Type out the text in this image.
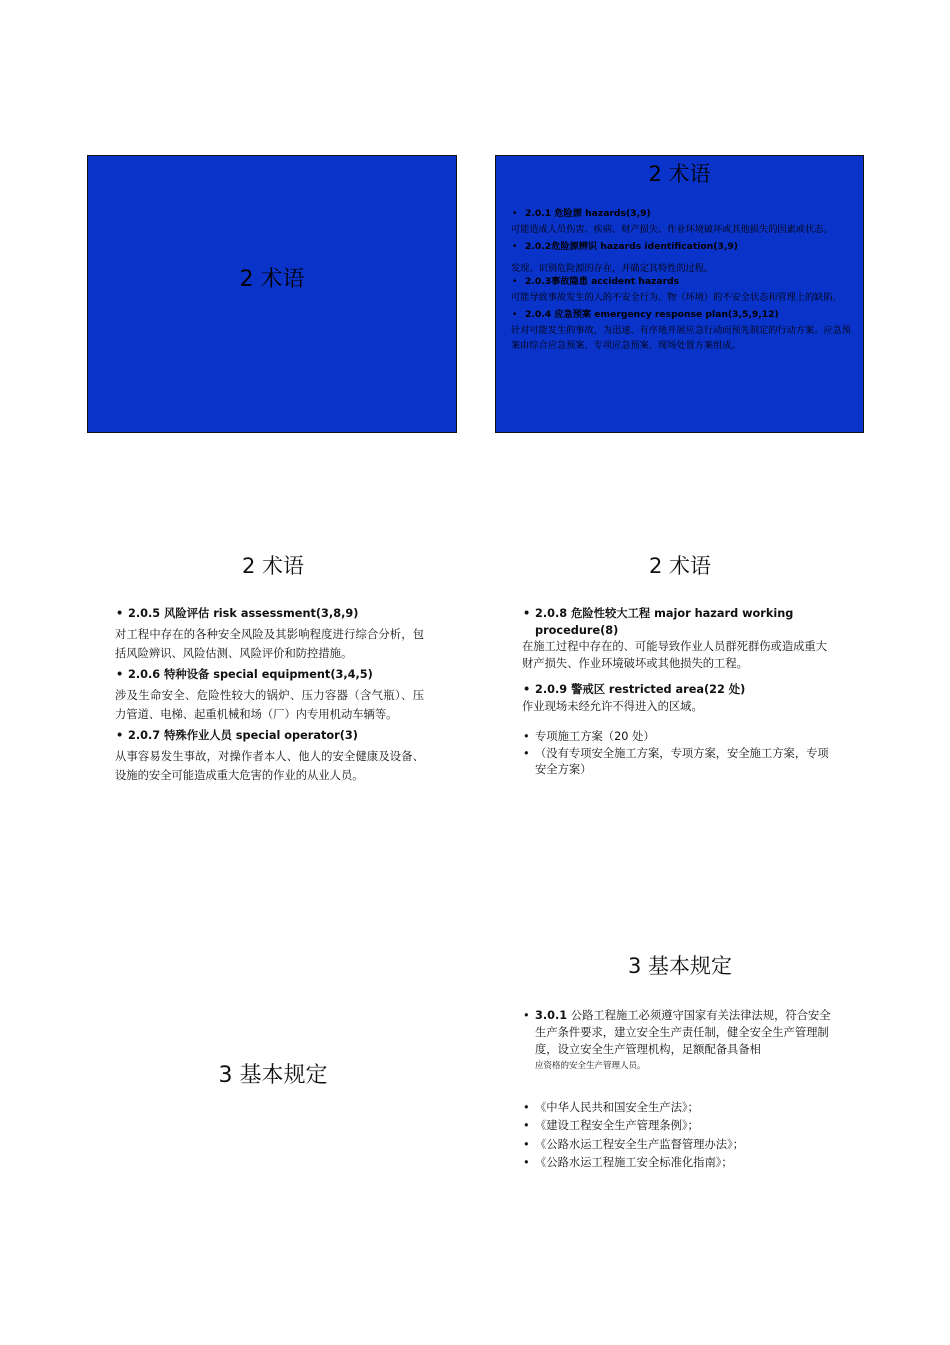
2 术语
2 术语
• 2.0.1 危险源 hazards(3,9)
可能造成人员伤害、疾病、财产损失、作业环境破坏或其他损失的因素或状态。
• 2.0.2危险源辨识 hazards identification(3,9)
发现、识别危险源的存在，并确定其特性的过程。
• 2.0.3事故隐患 accident hazards
可能导致事故发生的人的不安全行为、物（环境）的不安全状态和管理上的缺陷。
• 2.0.4 应急预案 emergency response plan(3,5,9,12)
针对可能发生的事故，为迅速、有序地开展应急行动而预先制定的行动方案。应急预案由综合应急预案、专项应急预案、现场处置方案组成。
2 术语
• 2.0.5 风险评估 risk assessment(3,8,9)
对工程中存在的各种安全风险及其影响程度进行综合分析，包括风险辨识、风险估测、风险评价和防控措施。
• 2.0.6 特种设备 special equipment(3,4,5)
涉及生命安全、危险性较大的锅炉、压力容器（含气瓶）、压力管道、电梯、起重机械和场（厂）内专用机动车辆等。
• 2.0.7 特殊作业人员 special operator(3)
从事容易发生事故，对操作者本人、他人的安全健康及设备、设施的安全可能造成重大危害的作业的从业人员。
2 术语
• 2.0.8 危险性较大工程 major hazard working procedure(8)
在施工过程中存在的、可能导致作业人员群死群伤或造成重大财产损失、作业环境破坏或其他损失的工程。
• 2.0.9 警戒区 restricted area(22 处)
作业现场未经允许不得进入的区域。
• 专项施工方案（20 处）
• （没有专项安全施工方案，专项方案，安全施工方案，专项安全方案）
3 基本规定
3 基本规定
• 3.0.1 公路工程施工必须遵守国家有关法律法规，符合安全生产条件要求，建立安全生产责任制，健全安全生产管理制度，设立安全生产管理机构，足额配备具备相
应资格的安全生产管理人员。
• 《中华人民共和国安全生产法》；
• 《建设工程安全生产管理条例》；
• 《公路水运工程安全生产监督管理办法》；
• 《公路水运工程施工安全标准化指南》；
